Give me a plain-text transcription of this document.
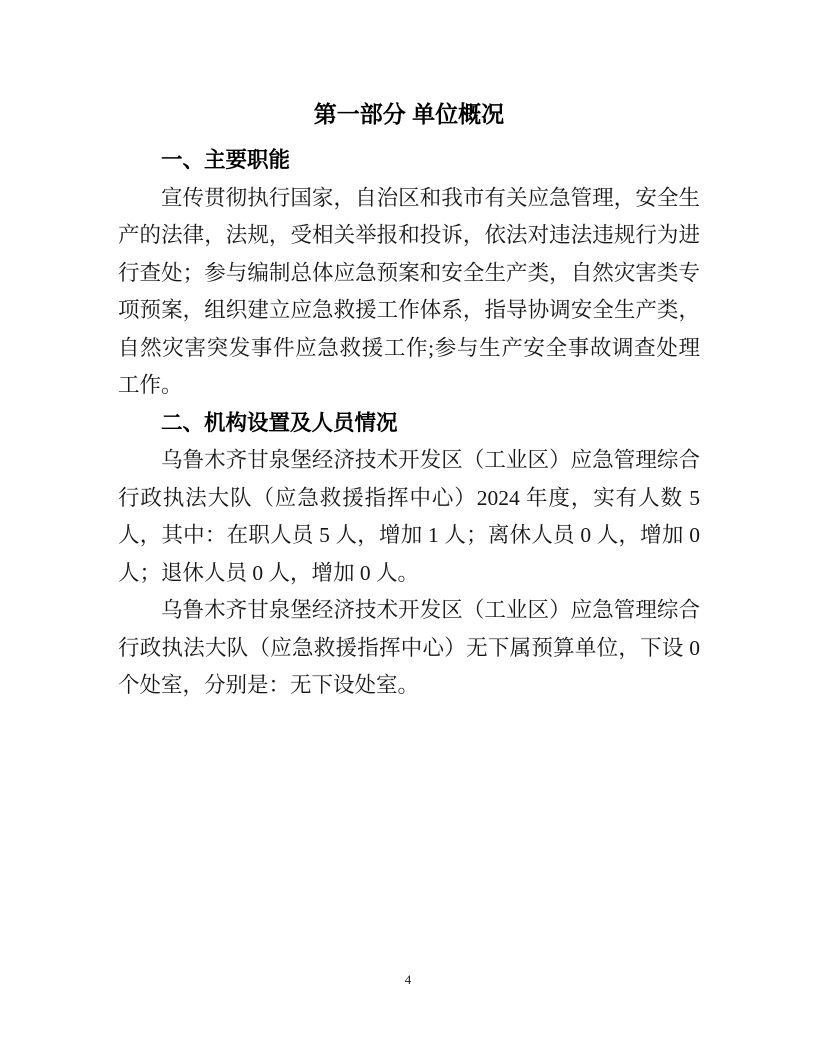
第一部分 单位概况
一、主要职能
宣传贯彻执行国家，自治区和我市有关应急管理，安全生
产的法律，法规，受相关举报和投诉，依法对违法违规行为进
行查处；参与编制总体应急预案和安全生产类，自然灾害类专
项预案，组织建立应急救援工作体系，指导协调安全生产类，
自然灾害突发事件应急救援工作;参与生产安全事故调查处理
工作。
二、机构设置及人员情况
乌鲁木齐甘泉堡经济技术开发区（工业区）应急管理综合
行政执法大队（应急救援指挥中心）2024 年度，实有人数 5
人，其中：在职人员 5 人，增加 1 人；离休人员 0 人，增加 0
人；退休人员 0 人，增加 0 人。
乌鲁木齐甘泉堡经济技术开发区（工业区）应急管理综合
行政执法大队（应急救援指挥中心）无下属预算单位，下设 0
个处室，分别是：无下设处室。
4
